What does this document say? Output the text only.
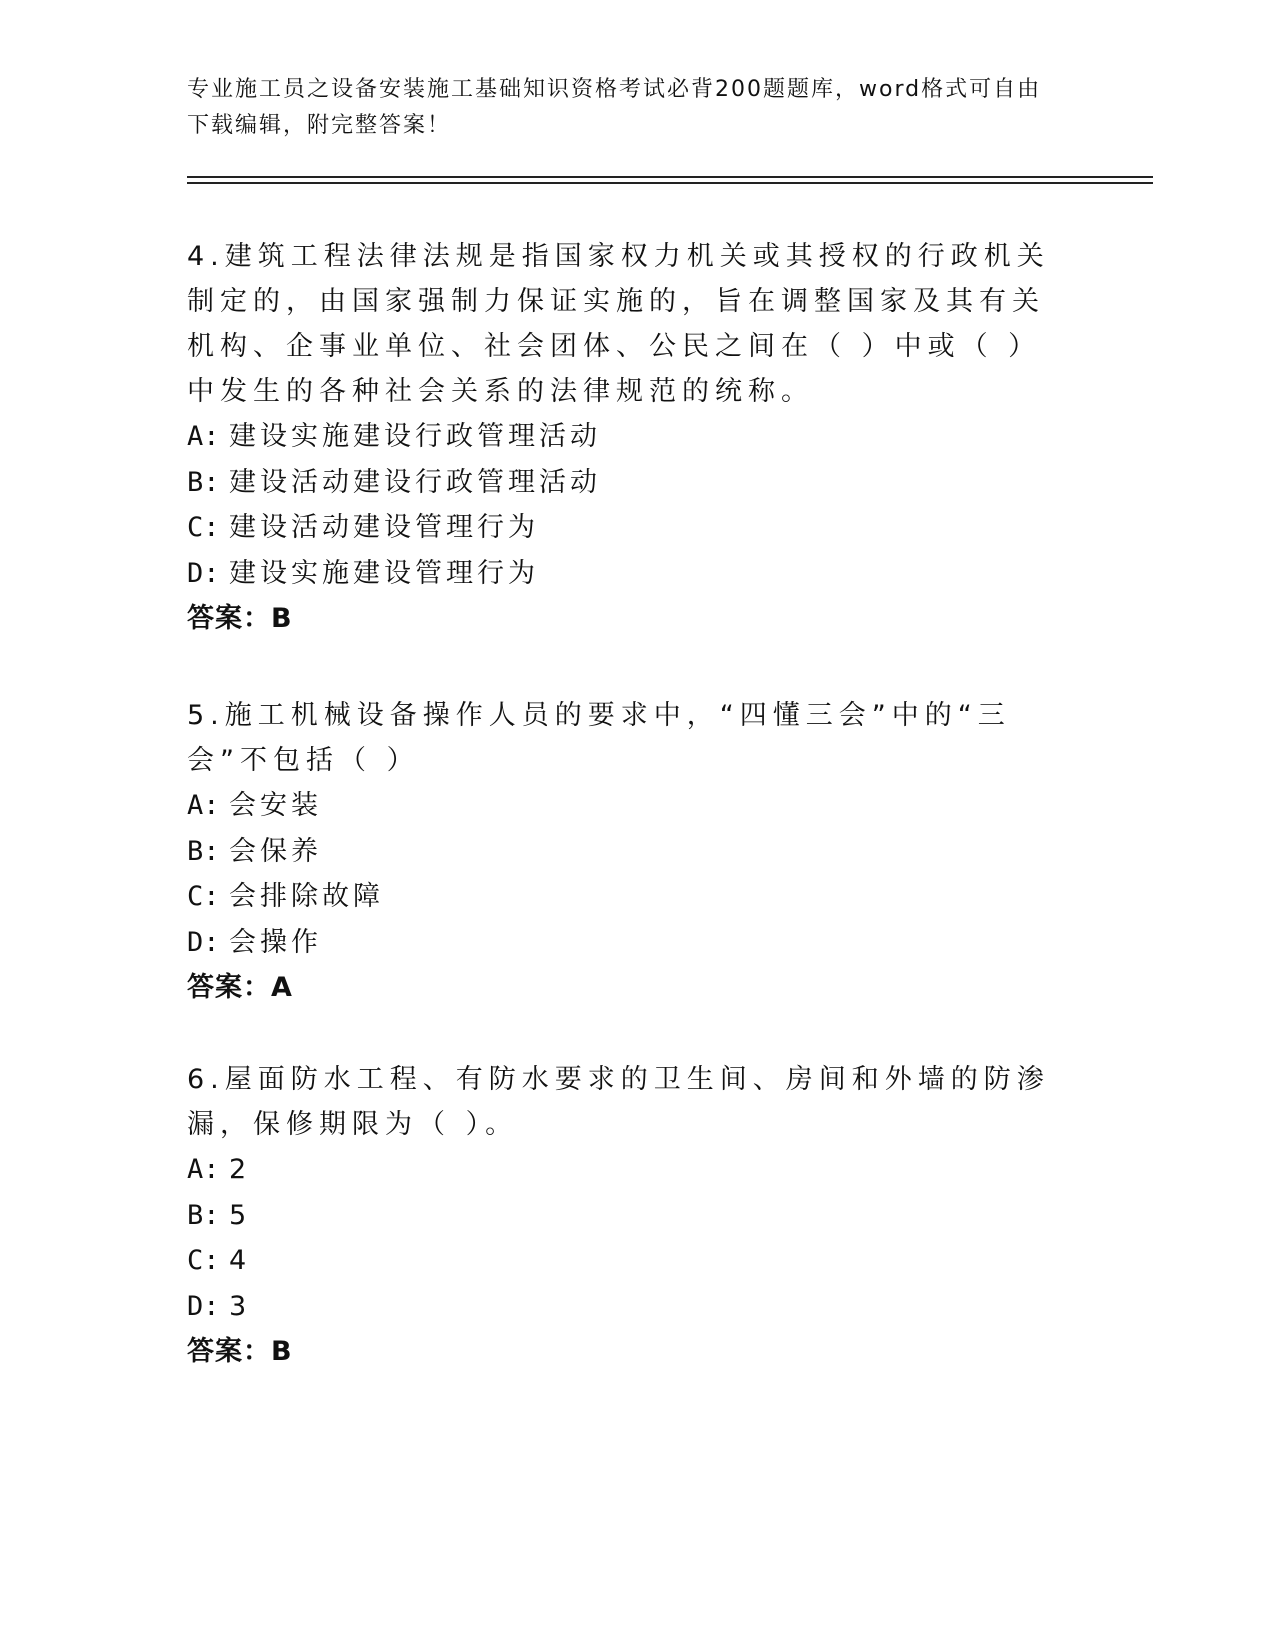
专业施工员之设备安装施工基础知识资格考试必背200题题库，word格式可自由
下载编辑，附完整答案！
4.建筑工程法律法规是指国家权力机关或其授权的行政机关制定的，由国家强制力保证实施的，旨在调整国家及其有关机构、企事业单位、社会团体、公民之间在（ ）中或（ ）中发生的各种社会关系的法律规范的统称。
A: 建设实施建设行政管理活动
B: 建设活动建设行政管理活动
C: 建设活动建设管理行为
D: 建设实施建设管理行为
答案：B
5.施工机械设备操作人员的要求中，“四懂三会”中的“三会”不包括（ ）
A: 会安装
B: 会保养
C: 会排除故障
D: 会操作
答案：A
6.屋面防水工程、有防水要求的卫生间、房间和外墙的防渗漏，保修期限为（ ）。
A: 2
B: 5
C: 4
D: 3
答案：B
